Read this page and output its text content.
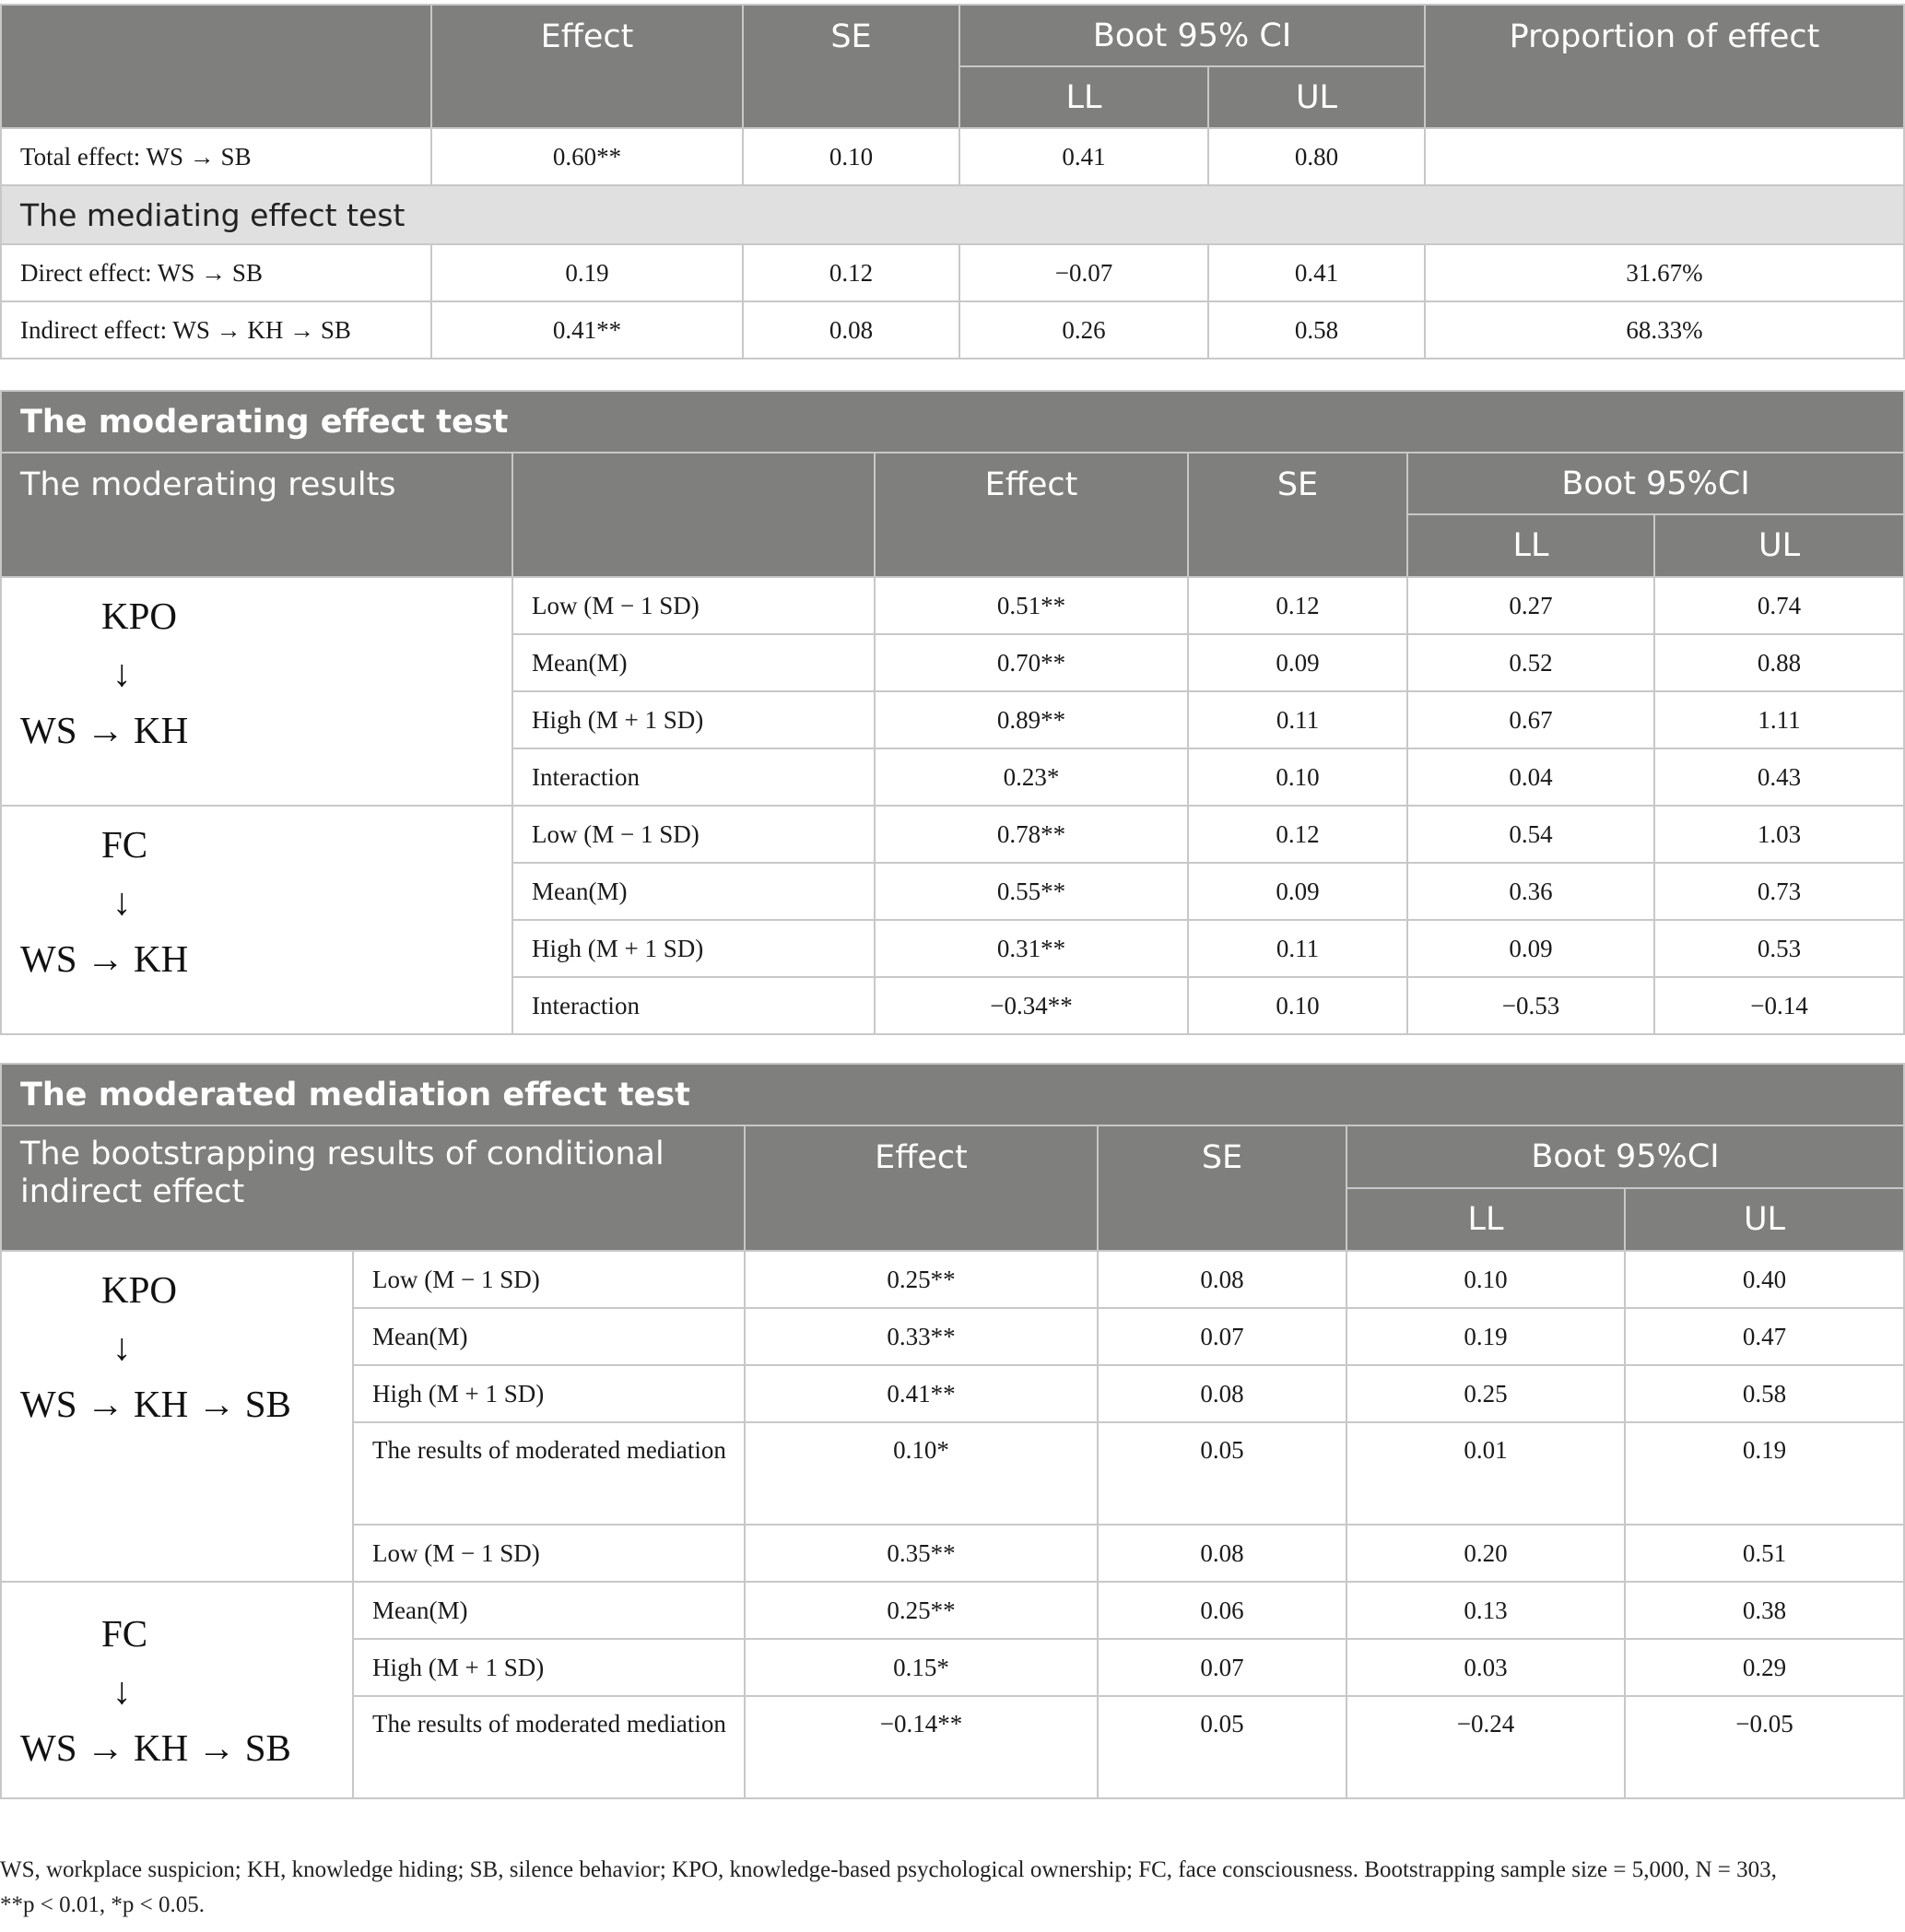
	Effect	SE	Boot 95% CI		Proportion of effect
			LL	UL	
Total effect: WS → SB	0.60**	0.10	0.41	0.80	
The mediating effect test					
Direct effect: WS → SB	0.19	0.12	−0.07	0.41	31.67%
Indirect effect: WS → KH → SB	0.41**	0.08	0.26	0.58	68.33%
The moderating effect test					
The moderating results		Effect	SE	Boot 95%CI	
				LL	UL

KPO
↓
WS → KH	Low (M − 1 SD)	0.51**	0.12	0.27	0.74
	Mean(M)	0.70**	0.09	0.52	0.88
	High (M + 1 SD)	0.89**	0.11	0.67	1.11
	Interaction	0.23*	0.10	0.04	0.43

FC
↓
WS → KH	Low (M − 1 SD)	0.78**	0.12	0.54	1.03
	Mean(M)	0.55**	0.09	0.36	0.73
	High (M + 1 SD)	0.31**	0.11	0.09	0.53
	Interaction	−0.34**	0.10	−0.53	−0.14
The moderated mediation effect test					
The bootstrapping results of conditional indirect effect		Effect	SE	Boot 95%CI	
				LL	UL

KPO
↓
WS → KH → SB	Low (M − 1 SD)	0.25**	0.08	0.10	0.40
	Mean(M)	0.33**	0.07	0.19	0.47
	High (M + 1 SD)	0.41**	0.08	0.25	0.58
	The results of moderated mediation	0.10*	0.05	0.01	0.19
	Low (M − 1 SD)	0.35**	0.08	0.20	0.51

FC
↓
WS → KH → SB	Mean(M)	0.25**	0.06	0.13	0.38
	High (M + 1 SD)	0.15*	0.07	0.03	0.29
	The results of moderated mediation	−0.14**	0.05	−0.24	−0.05
WS, workplace suspicion; KH, knowledge hiding; SB, silence behavior; KPO, knowledge-based psychological ownership; FC, face consciousness. Bootstrapping sample size = 5,000, N = 303,
**p < 0.01, *p < 0.05.
